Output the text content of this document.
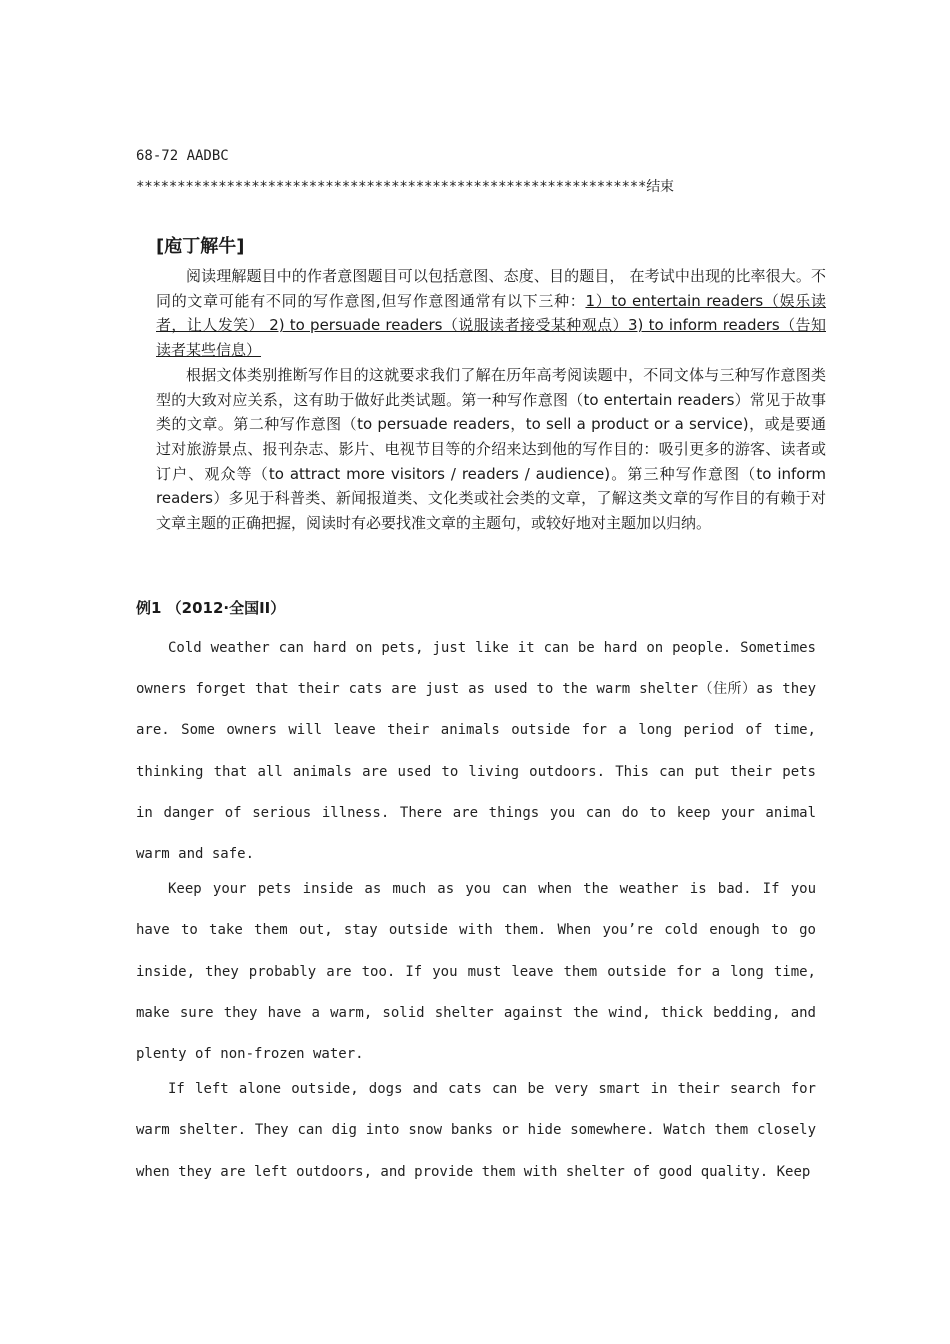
68-72 AADBC
**************************************************************结束
[庖丁解牛]

阅读理解题目中的作者意图题目可以包括意图、态度、目的题目， 在考试中出现的比率很大。不同的文章可能有不同的写作意图,但写作意图通常有以下三种：1）to entertain readers（娱乐读者，让人发笑） 2) to persuade readers（说服读者接受某种观点）3) to inform readers（告知读者某些信息）

根据文体类别推断写作目的这就要求我们了解在历年高考阅读题中，不同文体与三种写作意图类型的大致对应关系，这有助于做好此类试题。第一种写作意图（to entertain readers）常见于故事类的文章。第二种写作意图（to persuade readers，to sell a product or a service)，或是要通过对旅游景点、报刊杂志、影片、电视节目等的介绍来达到他的写作目的：吸引更多的游客、读者或订户、观众等（to attract more visitors / readers / audience)。第三种写作意图（to inform readers）多见于科普类、新闻报道类、文化类或社会类的文章，了解这类文章的写作目的有赖于对文章主题的正确把握，阅读时有必要找准文章的主题句，或较好地对主题加以归纳。

例1 （2012·全国II）

Cold weather can hard on pets, just like it can be hard on people. Sometimes owners forget that their cats are just as used to the warm shelter（住所）as they are. Some owners will leave their animals outside for a long period of time, thinking that all animals are used to living outdoors. This can put their pets in danger of serious illness. There are things you can do to keep your animal warm and safe.

Keep your pets inside as much as you can when the weather is bad. If you have to take them out, stay outside with them. When you’re cold enough to go inside, they probably are too. If you must leave them outside for a long time, make sure they have a warm, solid shelter against the wind, thick bedding, and plenty of non-frozen water.

If left alone outside, dogs and cats can be very smart in their search for warm shelter. They can dig into snow banks or hide somewhere. Watch them closely when they are left outdoors, and provide them with shelter of good quality. Keep
